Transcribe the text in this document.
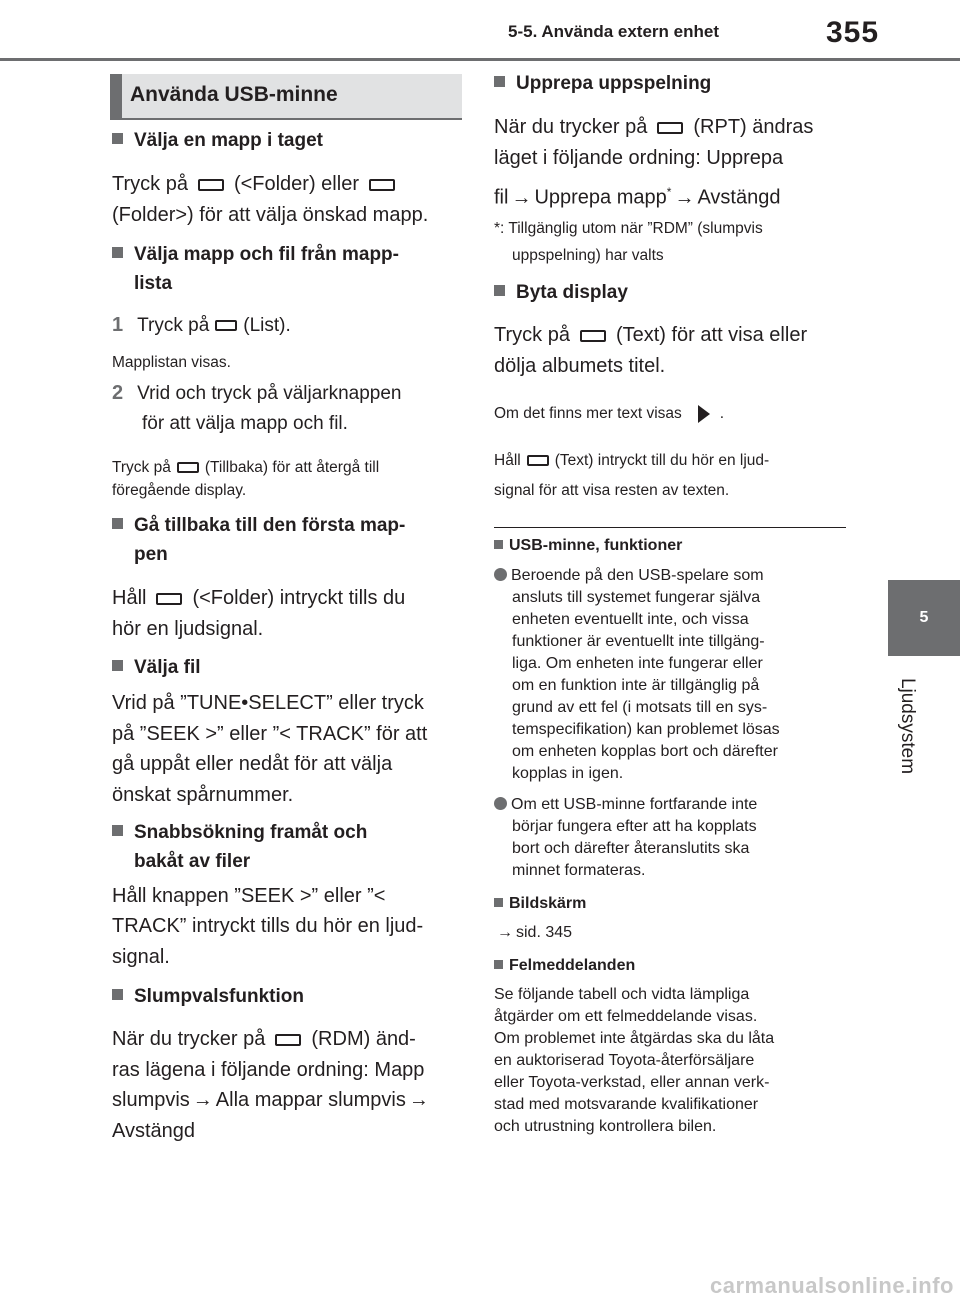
5-5. Använda extern enhet	355
5
Ljudsystem
Använda USB-minne
Välja en mapp i taget
Tryck på (<Folder) eller
(Folder>) för att välja önskad mapp.
Välja mapp och fil från mapp-
lista
1 Tryck på (List).
Mapplistan visas.
2 Vrid och tryck på väljarknappen
för att välja mapp och fil.
Tryck på (Tillbaka) för att återgå till
föregående display.
Gå tillbaka till den första map-
pen
Håll (<Folder) intryckt tills du
hör en ljudsignal.
Välja fil
Vrid på ”TUNE•SELECT” eller tryck
på ”SEEK >” eller ”< TRACK” för att
gå uppåt eller nedåt för att välja
önskat spårnummer.
Snabbsökning framåt och
bakåt av filer
Håll knappen ”SEEK >” eller ”<
TRACK” intryckt tills du hör en ljud-
signal.
Slumpvalsfunktion
När du trycker på (RDM) änd-
ras lägena i följande ordning: Mapp
slumpvis → Alla mappar slumpvis →
Avstängd
Upprepa uppspelning
När du trycker på (RPT) ändras
läget i följande ordning: Upprepa
fil → Upprepa mapp* → Avstängd
*: Tillgänglig utom när ”RDM” (slumpvis
uppspelning) har valts
Byta display
Tryck på (Text) för att visa eller
dölja albumets titel.
Om det finns mer text visas .
Håll (Text) intryckt till du hör en ljud-
signal för att visa resten av texten.
USB-minne, funktioner
Beroende på den USB-spelare som
ansluts till systemet fungerar själva
enheten eventuellt inte, och vissa
funktioner är eventuellt inte tillgäng-
liga. Om enheten inte fungerar eller
om en funktion inte är tillgänglig på
grund av ett fel (i motsats till en sys-
temspecifikation) kan problemet lösas
om enheten kopplas bort och därefter
kopplas in igen.
Om ett USB-minne fortfarande inte
börjar fungera efter att ha kopplats
bort och därefter återanslutits ska
minnet formateras.
Bildskärm
→ sid. 345
Felmeddelanden
Se följande tabell och vidta lämpliga
åtgärder om ett felmeddelande visas.
Om problemet inte åtgärdas ska du låta
en auktoriserad Toyota-återförsäljare
eller Toyota-verkstad, eller annan verk-
stad med motsvarande kvalifikationer
och utrustning kontrollera bilen.
carmanualsonline.info
